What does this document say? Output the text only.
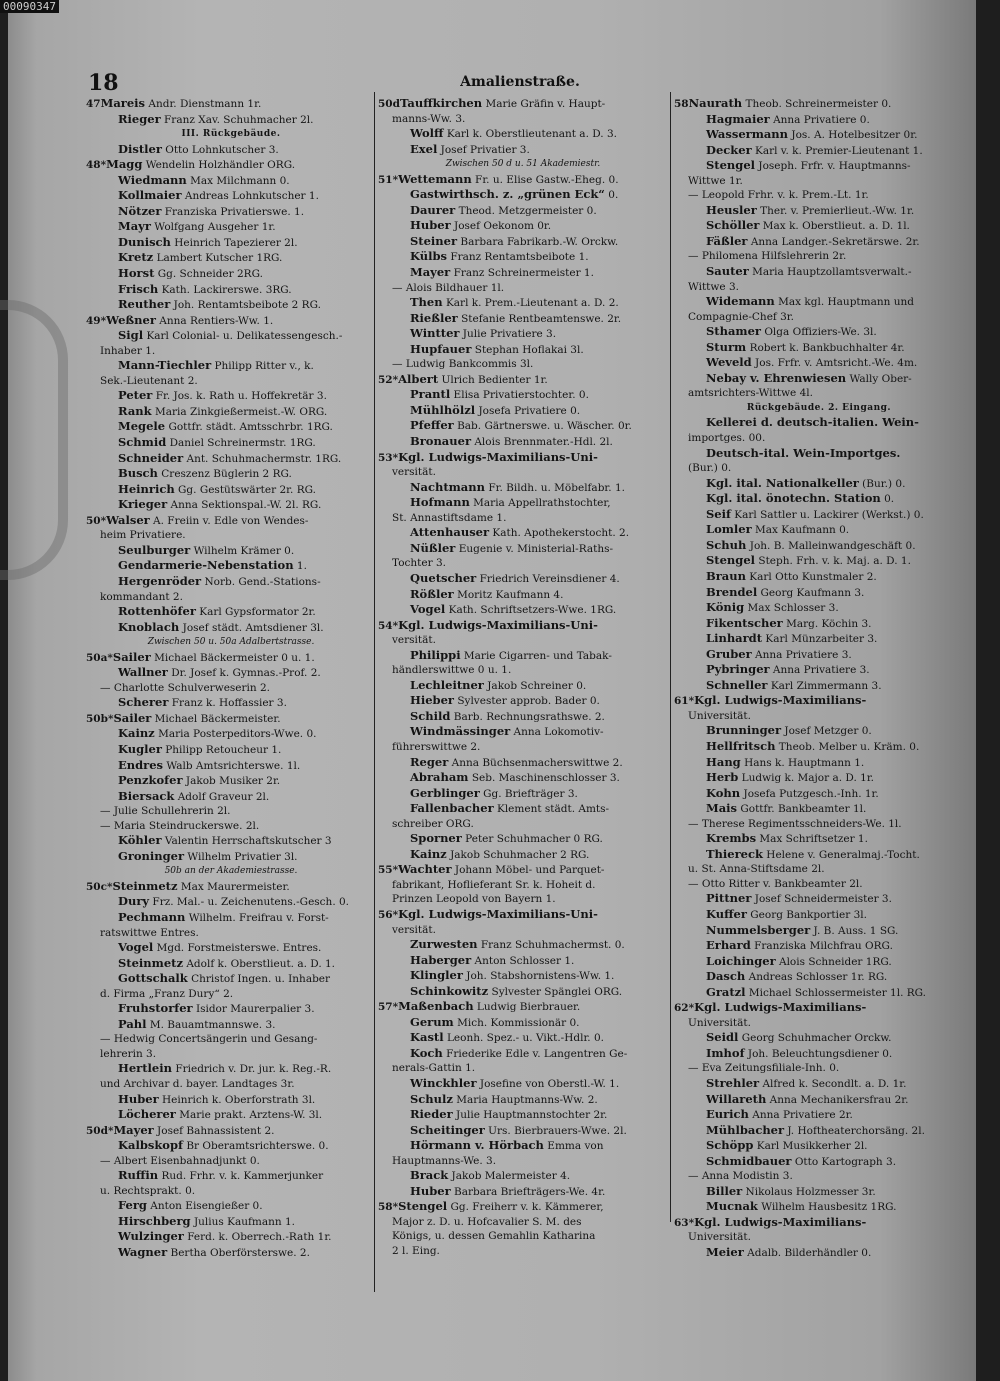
00090347
18	Amalienstraße.
47Mareis Andr. Dienstmann 1r.
Rieger Franz Xav. Schuhmacher 2l.
III. Rückgebäude.
Distler Otto Lohnkutscher 3.
48*Magg Wendelin Holzhändler ORG.
Wiedmann Max Milchmann 0.
Kollmaier Andreas Lohnkutscher 1.
Nötzer Franziska Privatierswe. 1.
Mayr Wolfgang Ausgeher 1r.
Dunisch Heinrich Tapezierer 2l.
Kretz Lambert Kutscher 1RG.
Horst Gg. Schneider 2RG.
Frisch Kath. Lackirerswe. 3RG.
Reuther Joh. Rentamtsbeibote 2 RG.
49*Weßner Anna Rentiers-Ww. 1.
Sigl Karl Colonial- u. Delikatessengesch.-
Inhaber 1.
Mann-Tiechler Philipp Ritter v., k.
Sek.-Lieutenant 2.
Peter Fr. Jos. k. Rath u. Hoffekretär 3.
Rank Maria Zinkgießermeist.-W. ORG.
Megele Gottfr. städt. Amtsschrbr. 1RG.
Schmid Daniel Schreinermstr. 1RG.
Schneider Ant. Schuhmachermstr. 1RG.
Busch Creszenz Büglerin 2 RG.
Heinrich Gg. Gestütswärter 2r. RG.
Krieger Anna Sektionspal.-W. 2l. RG.
50*Walser A. Freiin v. Edle von Wendes-
heim Privatiere.
Seulburger Wilhelm Krämer 0.
Gendarmerie-Nebenstation 1.
Hergenröder Norb. Gend.-Stations-
kommandant 2.
Rottenhöfer Karl Gypsformator 2r.
Knoblach Josef städt. Amtsdiener 3l.
Zwischen 50 u. 50a Adalbertstrasse.
50a*Sailer Michael Bäckermeister 0 u. 1.
Wallner Dr. Josef k. Gymnas.-Prof. 2.
— Charlotte Schulverweserin 2.
Scherer Franz k. Hoffassier 3.
50b*Sailer Michael Bäckermeister.
Kainz Maria Posterpeditors-Wwe. 0.
Kugler Philipp Retoucheur 1.
Endres Walb Amtsrichterswe. 1l.
Penzkofer Jakob Musiker 2r.
Biersack Adolf Graveur 2l.
— Julie Schullehrerin 2l.
— Maria Steindruckerswe. 2l.
Köhler Valentin Herrschaftskutscher 3
Groninger Wilhelm Privatier 3l.
50b an der Akademiestrasse.
50c*Steinmetz Max Maurermeister.
Dury Frz. Mal.- u. Zeichenutens.-Gesch. 0.
Pechmann Wilhelm. Freifrau v. Forst-
ratswittwe Entres.
Vogel Mgd. Forstmeisterswe. Entres.
Steinmetz Adolf k. Oberstlieut. a. D. 1.
Gottschalk Christof Ingen. u. Inhaber
d. Firma „Franz Dury“ 2.
Fruhstorfer Isidor Maurerpalier 3.
Pahl M. Bauamtmannswe. 3.
— Hedwig Concertsängerin und Gesang-
lehrerin 3.
Hertlein Friedrich v. Dr. jur. k. Reg.-R.
und Archivar d. bayer. Landtages 3r.
Huber Heinrich k. Oberforstrath 3l.
Löcherer Marie prakt. Arztens-W. 3l.
50d*Mayer Josef Bahnassistent 2.
Kalbskopf Br Oberamtsrichterswe. 0.
— Albert Eisenbahnadjunkt 0.
Ruffin Rud. Frhr. v. k. Kammerjunker
u. Rechtsprakt. 0.
Ferg Anton Eisengießer 0.
Hirschberg Julius Kaufmann 1.
Wulzinger Ferd. k. Oberrech.-Rath 1r.
Wagner Bertha Oberförsterswe. 2.
50dTauffkirchen Marie Gräfin v. Haupt-
manns-Ww. 3.
Wolff Karl k. Oberstlieutenant a. D. 3.
Exel Josef Privatier 3.
Zwischen 50 d u. 51 Akademiestr.
51*Wettemann Fr. u. Elise Gastw.-Eheg. 0.
Gastwirthsch. z. „grünen Eck“ 0.
Daurer Theod. Metzgermeister 0.
Huber Josef Oekonom 0r.
Steiner Barbara Fabrikarb.-W. Orckw.
Külbs Franz Rentamtsbeibote 1.
Mayer Franz Schreinermeister 1.
— Alois Bildhauer 1l.
Then Karl k. Prem.-Lieutenant a. D. 2.
Rießler Stefanie Rentbeamtenswe. 2r.
Wintter Julie Privatiere 3.
Hupfauer Stephan Hoflakai 3l.
— Ludwig Bankcommis 3l.
52*Albert Ulrich Bedienter 1r.
Prantl Elisa Privatierstochter. 0.
Mühlhölzl Josefa Privatiere 0.
Pfeffer Bab. Gärtnerswe. u. Wäscher. 0r.
Bronauer Alois Brennmater.-Hdl. 2l.
53*Kgl. Ludwigs-Maximilians-Uni-
versität.
Nachtmann Fr. Bildh. u. Möbelfabr. 1.
Hofmann Maria Appellrathstochter,
St. Annastiftsdame 1.
Attenhauser Kath. Apothekerstocht. 2.
Nüßler Eugenie v. Ministerial-Raths-
Tochter 3.
Quetscher Friedrich Vereinsdiener 4.
Rößler Moritz Kaufmann 4.
Vogel Kath. Schriftsetzers-Wwe. 1RG.
54*Kgl. Ludwigs-Maximilians-Uni-
versität.
Philippi Marie Cigarren- und Tabak-
händlerswittwe 0 u. 1.
Lechleitner Jakob Schreiner 0.
Hieber Sylvester approb. Bader 0.
Schild Barb. Rechnungsrathswe. 2.
Windmässinger Anna Lokomotiv-
führerswittwe 2.
Reger Anna Büchsenmacherswittwe 2.
Abraham Seb. Maschinenschlosser 3.
Gerblinger Gg. Briefträger 3.
Fallenbacher Klement städt. Amts-
schreiber ORG.
Sporner Peter Schuhmacher 0 RG.
Kainz Jakob Schuhmacher 2 RG.
55*Wachter Johann Möbel- und Parquet-
fabrikant, Hoflieferant Sr. k. Hoheit d.
Prinzen Leopold von Bayern 1.
56*Kgl. Ludwigs-Maximilians-Uni-
versität.
Zurwesten Franz Schuhmachermst. 0.
Haberger Anton Schlosser 1.
Klingler Joh. Stabshornistens-Ww. 1.
Schinkowitz Sylvester Spänglei ORG.
57*Maßenbach Ludwig Bierbrauer.
Gerum Mich. Kommissionär 0.
Kastl Leonh. Spez.- u. Vikt.-Hdlr. 0.
Koch Friederike Edle v. Langentren Ge-
nerals-Gattin 1.
Winckhler Josefine von Oberstl.-W. 1.
Schulz Maria Hauptmanns-Ww. 2.
Rieder Julie Hauptmannstochter 2r.
Scheitinger Urs. Bierbrauers-Wwe. 2l.
Hörmann v. Hörbach Emma von
Hauptmanns-We. 3.
Brack Jakob Malermeister 4.
Huber Barbara Briefträgers-We. 4r.
58*Stengel Gg. Freiherr v. k. Kämmerer,
Major z. D. u. Hofcavalier S. M. des
Königs, u. dessen Gemahlin Katharina
2 l. Eing.
58Naurath Theob. Schreinermeister 0.
Hagmaier Anna Privatiere 0.
Wassermann Jos. A. Hotelbesitzer 0r.
Decker Karl v. k. Premier-Lieutenant 1.
Stengel Joseph. Frfr. v. Hauptmanns-
Wittwe 1r.
— Leopold Frhr. v. k. Prem.-Lt. 1r.
Heusler Ther. v. Premierlieut.-Ww. 1r.
Schöller Max k. Oberstlieut. a. D. 1l.
Fäßler Anna Landger.-Sekretärswe. 2r.
— Philomena Hilfslehrerin 2r.
Sauter Maria Hauptzollamtsverwalt.-
Wittwe 3.
Widemann Max kgl. Hauptmann und
Compagnie-Chef 3r.
Sthamer Olga Offiziers-We. 3l.
Sturm Robert k. Bankbuchhalter 4r.
Weveld Jos. Frfr. v. Amtsricht.-We. 4m.
Nebay v. Ehrenwiesen Wally Ober-
amtsrichters-Wittwe 4l.
Rückgebäude. 2. Eingang.
Kellerei d. deutsch-italien. Wein-
importges. 00.
Deutsch-ital. Wein-Importges.
(Bur.) 0.
Kgl. ital. Nationalkeller (Bur.) 0.
Kgl. ital. önotechn. Station 0.
Seif Karl Sattler u. Lackirer (Werkst.) 0.
Lomler Max Kaufmann 0.
Schuh Joh. B. Malleinwandgeschäft 0.
Stengel Steph. Frh. v. k. Maj. a. D. 1.
Braun Karl Otto Kunstmaler 2.
Brendel Georg Kaufmann 3.
König Max Schlosser 3.
Fikentscher Marg. Köchin 3.
Linhardt Karl Münzarbeiter 3.
Gruber Anna Privatiere 3.
Pybringer Anna Privatiere 3.
Schneller Karl Zimmermann 3.
61*Kgl. Ludwigs-Maximilians-
Universität.
Brunninger Josef Metzger 0.
Hellfritsch Theob. Melber u. Kräm. 0.
Hang Hans k. Hauptmann 1.
Herb Ludwig k. Major a. D. 1r.
Kohn Josefa Putzgesch.-Inh. 1r.
Mais Gottfr. Bankbeamter 1l.
— Therese Regimentsschneiders-We. 1l.
Krembs Max Schriftsetzer 1.
Thiereck Helene v. Generalmaj.-Tocht.
u. St. Anna-Stiftsdame 2l.
— Otto Ritter v. Bankbeamter 2l.
Pittner Josef Schneidermeister 3.
Kuffer Georg Bankportier 3l.
Nummelsberger J. B. Auss. 1 SG.
Erhard Franziska Milchfrau ORG.
Loichinger Alois Schneider 1RG.
Dasch Andreas Schlosser 1r. RG.
Gratzl Michael Schlossermeister 1l. RG.
62*Kgl. Ludwigs-Maximilians-
Universität.
Seidl Georg Schuhmacher Orckw.
Imhof Joh. Beleuchtungsdiener 0.
— Eva Zeitungsfiliale-Inh. 0.
Strehler Alfred k. Secondlt. a. D. 1r.
Willareth Anna Mechanikersfrau 2r.
Eurich Anna Privatiere 2r.
Mühlbacher J. Hoftheaterchorsäng. 2l.
Schöpp Karl Musikkerher 2l.
Schmidbauer Otto Kartograph 3.
— Anna Modistin 3.
Biller Nikolaus Holzmesser 3r.
Mucnak Wilhelm Hausbesitz 1RG.
63*Kgl. Ludwigs-Maximilians-
Universität.
Meier Adalb. Bilderhändler 0.
